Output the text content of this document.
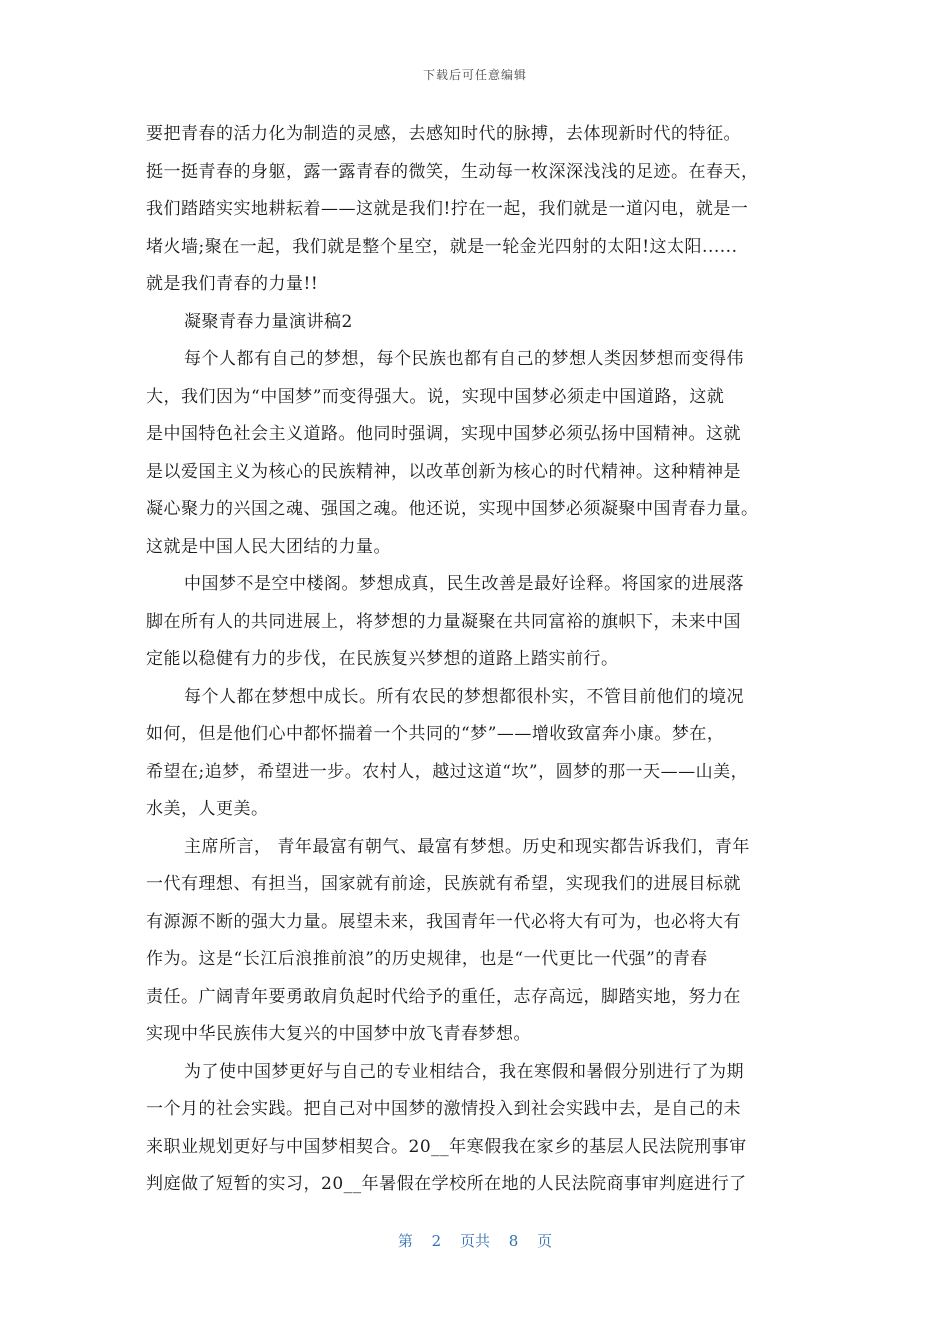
下载后可任意编辑
要把青春的活力化为制造的灵感，去感知时代的脉搏，去体现新时代的特征。
挺一挺青春的身躯，露一露青春的微笑，生动每一枚深深浅浅的足迹。在春天，
我们踏踏实实地耕耘着——这就是我们!拧在一起，我们就是一道闪电，就是一
堵火墙;聚在一起，我们就是整个星空，就是一轮金光四射的太阳!这太阳......
就是我们青春的力量!!
凝聚青春力量演讲稿2
每个人都有自己的梦想，每个民族也都有自己的梦想人类因梦想而变得伟
大，我们因为“中国梦”而变得强大。说，实现中国梦必须走中国道路，这就
是中国特色社会主义道路。他同时强调，实现中国梦必须弘扬中国精神。这就
是以爱国主义为核心的民族精神，以改革创新为核心的时代精神。这种精神是
凝心聚力的兴国之魂、强国之魂。他还说，实现中国梦必须凝聚中国青春力量。
这就是中国人民大团结的力量。
中国梦不是空中楼阁。梦想成真，民生改善是最好诠释。将国家的进展落
脚在所有人的共同进展上，将梦想的力量凝聚在共同富裕的旗帜下，未来中国
定能以稳健有力的步伐，在民族复兴梦想的道路上踏实前行。
每个人都在梦想中成长。所有农民的梦想都很朴实，不管目前他们的境况
如何，但是他们心中都怀揣着一个共同的“梦”——增收致富奔小康。梦在，
希望在;追梦，希望进一步。农村人，越过这道“坎”，圆梦的那一天——山美，
水美，人更美。
主席所言， 青年最富有朝气、最富有梦想。历史和现实都告诉我们，青年
一代有理想、有担当，国家就有前途，民族就有希望，实现我们的进展目标就
有源源不断的强大力量。展望未来，我国青年一代必将大有可为，也必将大有
作为。这是“长江后浪推前浪”的历史规律，也是“一代更比一代强”的青春
责任。广阔青年要勇敢肩负起时代给予的重任，志存高远，脚踏实地，努力在
实现中华民族伟大复兴的中国梦中放飞青春梦想。
为了使中国梦更好与自己的专业相结合，我在寒假和暑假分别进行了为期
一个月的社会实践。把自己对中国梦的激情投入到社会实践中去，是自己的未
来职业规划更好与中国梦相契合。20__年寒假我在家乡的基层人民法院刑事审
判庭做了短暂的实习，20__年暑假在学校所在地的人民法院商事审判庭进行了
第 2 页共 8 页
